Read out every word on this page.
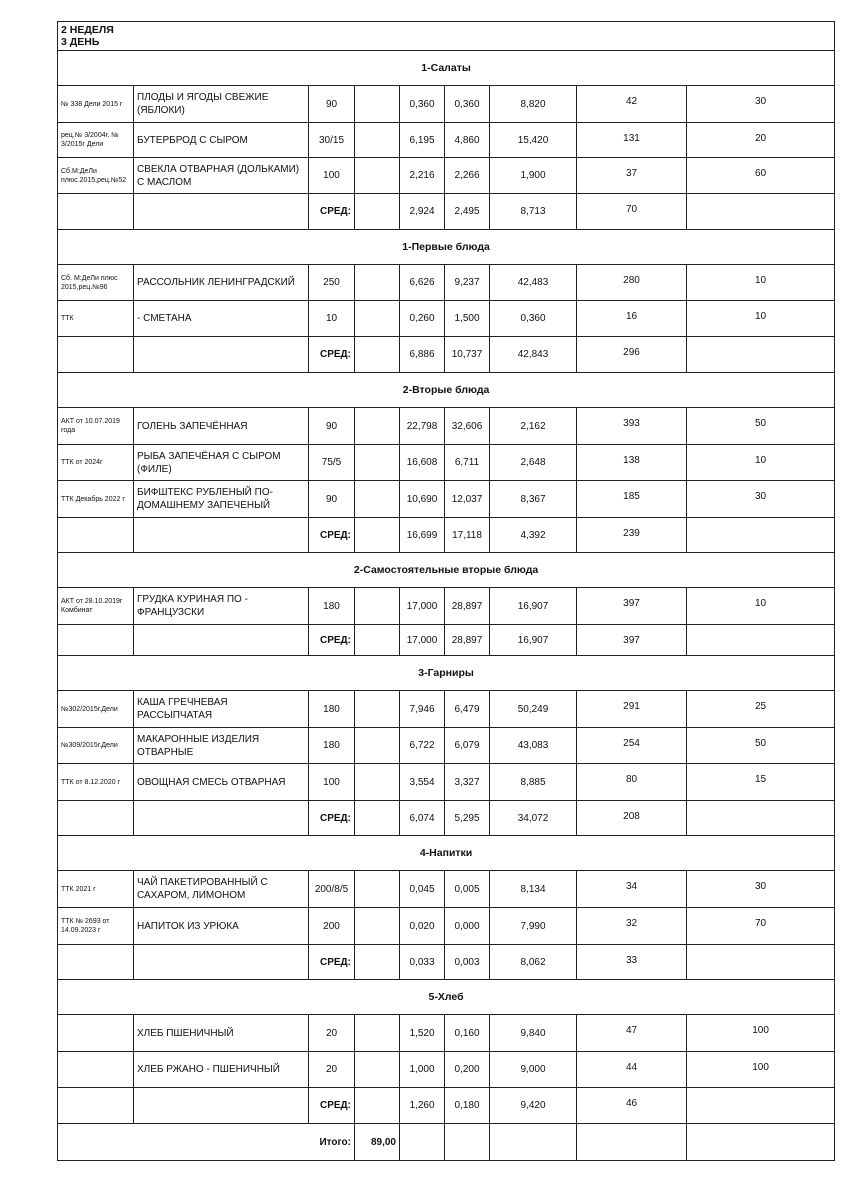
2 НЕДЕЛЯ
3 ДЕНЬ								

1-Салаты								
№ 338 Дели 2015 г	ПЛОДЫ И ЯГОДЫ СВЕЖИЕ (ЯБЛОКИ)	90		0,360	0,360	8,820	42	30
рец.№ 3/2004г. № 3/2015г Дели	БУТЕРБРОД С СЫРОМ	30/15		6,195	4,860	15,420	131	20
Сб.М:ДеЛи плюс.2015,рец.№52	СВЕКЛА ОТВАРНАЯ (ДОЛЬКАМИ) С МАСЛОМ	100		2,216	2,266	1,900	37	60
		СРЕД:		2,924	2,495	8,713	70	
1-Первые блюда								
Сб. М:ДеЛи плюс 2015,рец.№96	РАССОЛЬНИК ЛЕНИНГРАДСКИЙ	250		6,626	9,237	42,483	280	10
ТТК	- СМЕТАНА	10		0,260	1,500	0,360	16	10
		СРЕД:		6,886	10,737	42,843	296	
2-Вторые блюда								
АКТ от 10.07.2019 года	ГОЛЕНЬ ЗАПЕЧЁННАЯ	90		22,798	32,606	2,162	393	50
ТТК от 2024г	РЫБА ЗАПЕЧЁНАЯ С СЫРОМ (ФИЛЕ)	75/5		16,608	6,711	2,648	138	10
ТТК Декабрь 2022 г	БИФШТЕКС РУБЛЕНЫЙ ПО-ДОМАШНЕМУ ЗАПЕЧЕНЫЙ	90		10,690	12,037	8,367	185	30
		СРЕД:		16,699	17,118	4,392	239	
2-Самостоятельные вторые блюда								
АКТ от 28.10.2019г Комбинат	ГРУДКА КУРИНАЯ ПО - ФРАНЦУЗСКИ	180		17,000	28,897	16,907	397	10
		СРЕД:		17,000	28,897	16,907	397	
3-Гарниры								
№302/2015г.Дели	КАША ГРЕЧНЕВАЯ РАССЫПЧАТАЯ	180		7,946	6,479	50,249	291	25
№309/2015г.Дели	МАКАРОННЫЕ ИЗДЕЛИЯ ОТВАРНЫЕ	180		6,722	6,079	43,083	254	50
ТТК от 8.12.2020 г	ОВОЩНАЯ СМЕСЬ ОТВАРНАЯ	100		3,554	3,327	8,885	80	15
		СРЕД:		6,074	5,295	34,072	208	
4-Напитки								
ТТК 2021 г	ЧАЙ ПАКЕТИРОВАННЫЙ С САХАРОМ, ЛИМОНОМ	200/8/5		0,045	0,005	8,134	34	30
ТТК № 2693 от 14.09.2023 г	НАПИТОК ИЗ УРЮКА	200		0,020	0,000	7,990	32	70
		СРЕД:		0,033	0,003	8,062	33	
5-Хлеб								
	ХЛЕБ ПШЕНИЧНЫЙ	20		1,520	0,160	9,840	47	100
	ХЛЕБ РЖАНО - ПШЕНИЧНЫЙ	20		1,000	0,200	9,000	44	100
		СРЕД:		1,260	0,180	9,420	46	
Итого:			89,00					
